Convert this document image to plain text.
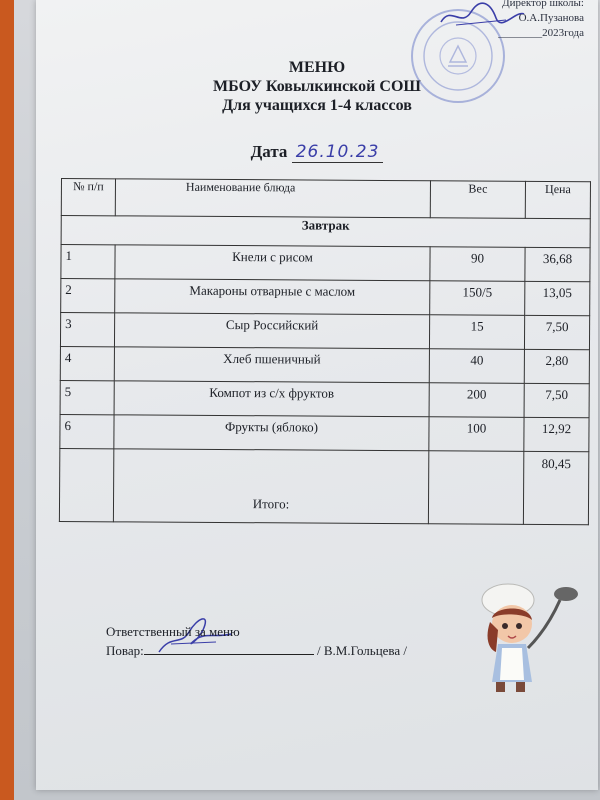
Директор школы:
О.А.Пузанова
________2023года
МЕНЮ
МБОУ Ковылкинской СОШ
Для учащихся 1-4 классов
Дата 26.10.23
№ п/п	Наименование блюда	Вес	Цена
Завтрак			
1	Кнели с рисом	90	36,68
2	Макароны отварные с маслом	150/5	13,05
3	Сыр Российский	15	7,50
4	Хлеб пшеничный	40	2,80
5	Компот из с/х фруктов	200	7,50
6	Фрукты (яблоко)	100	12,92
	Итого:		80,45
Ответственный за меню
Повар:	/ В.М.Гольцева /
